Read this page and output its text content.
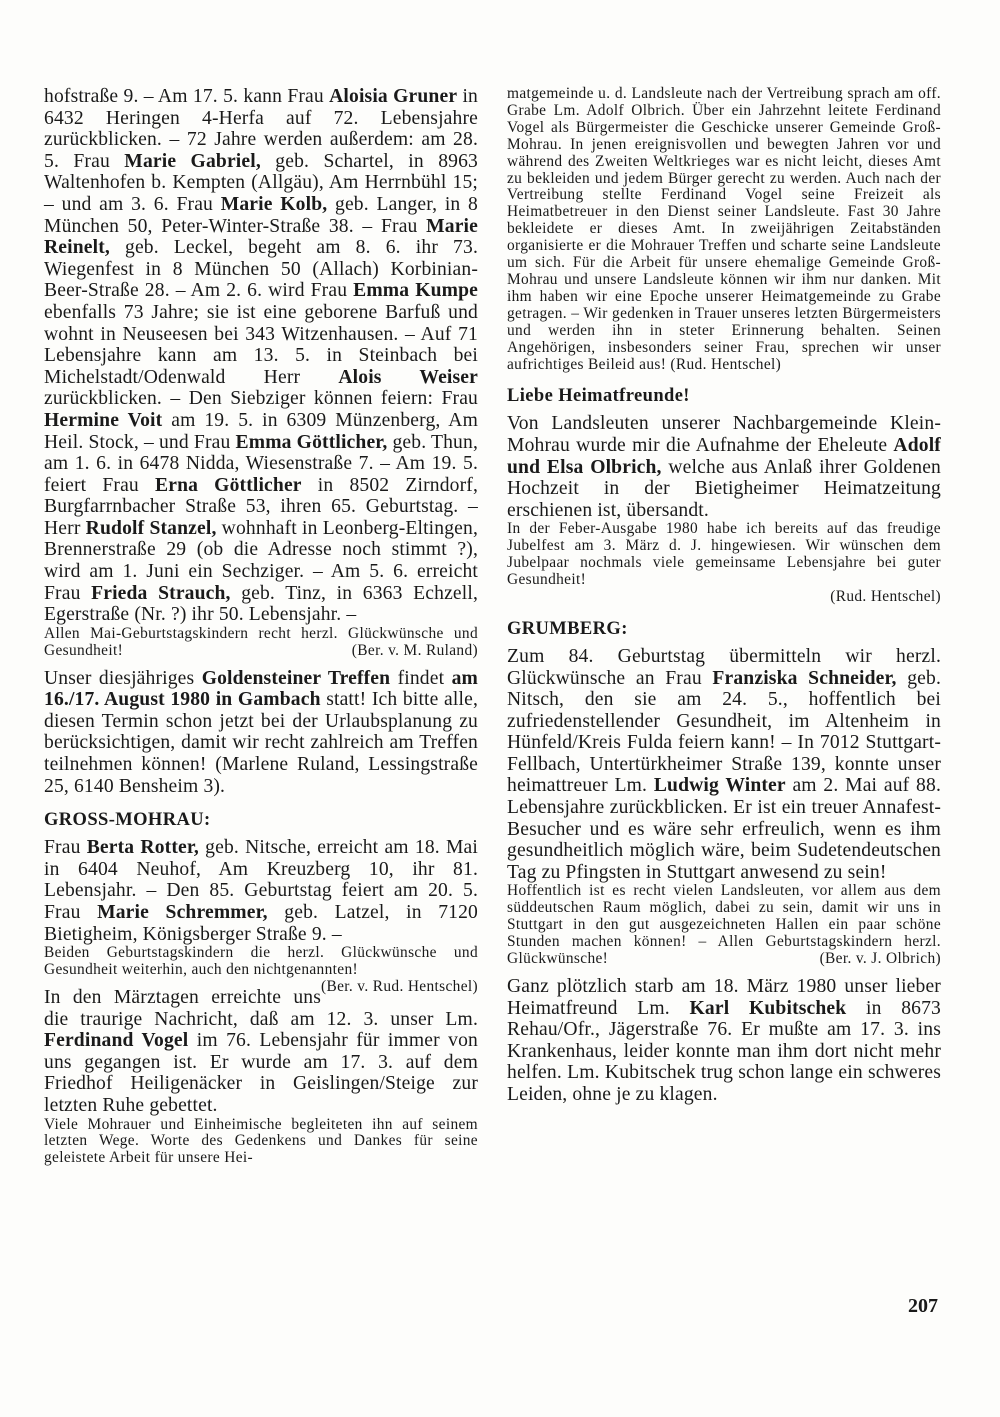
hofstraße 9. – Am 17. 5. kann Frau Aloisia Gruner in 6432 Heringen 4-Herfa auf 72. Lebensjahre zurückblicken. – 72 Jahre werden außerdem: am 28. 5. Frau Marie Gabriel, geb. Schartel, in 8963 Waltenhofen b. Kempten (Allgäu), Am Herrnbühl 15; – und am 3. 6. Frau Marie Kolb, geb. Langer, in 8 München 50, Peter-Winter-Straße 38. – Frau Marie Reinelt, geb. Leckel, begeht am 8. 6. ihr 73. Wiegenfest in 8 München 50 (Allach) Korbinian-Beer-Straße 28. – Am 2. 6. wird Frau Emma Kumpe ebenfalls 73 Jahre; sie ist eine geborene Barfuß und wohnt in Neuseesen bei 343 Witzenhausen. – Auf 71 Lebensjahre kann am 13. 5. in Steinbach bei Michelstadt/Odenwald Herr Alois Weiser zurückblicken. – Den Siebziger können feiern: Frau Hermine Voit am 19. 5. in 6309 Münzenberg, Am Heil. Stock, – und Frau Emma Göttlicher, geb. Thun, am 1. 6. in 6478 Nidda, Wiesenstraße 7. – Am 19. 5. feiert Frau Erna Göttlicher in 8502 Zirndorf, Burgfarrnbacher Straße 53, ihren 65. Geburtstag. – Herr Rudolf Stanzel, wohnhaft in Leonberg-Eltingen, Brennerstraße 29 (ob die Adresse noch stimmt ?), wird am 1. Juni ein Sechziger. – Am 5. 6. erreicht Frau Frieda Strauch, geb. Tinz, in 6363 Echzell, Egerstraße (Nr. ?) ihr 50. Lebensjahr. –

Allen Mai-Geburtstagskindern recht herzl. Glückwünsche und Gesundheit!	(Ber. v. M. Ruland)

Unser diesjähriges Goldensteiner Treffen findet am 16./17. August 1980 in Gambach statt! Ich bitte alle, diesen Termin schon jetzt bei der Urlaubsplanung zu berücksichtigen, damit wir recht zahlreich am Treffen teilnehmen können! (Marlene Ruland, Lessingstraße 25, 6140 Bensheim 3).

GROSS-MOHRAU:

Frau Berta Rotter, geb. Nitsche, erreicht am 18. Mai in 6404 Neuhof, Am Kreuzberg 10, ihr 81. Lebensjahr. – Den 85. Geburtstag feiert am 20. 5. Frau Marie Schremmer, geb. Latzel, in 7120 Bietigheim, Königsberger Straße 9. –

Beiden Geburtstagskindern die herzl. Glückwünsche und Gesundheit weiterhin, auch den nichtgenannten!
(Ber. v. Rud. Hentschel)

In den Märztagen erreichte uns die traurige Nachricht, daß am 12. 3. unser Lm. Ferdinand Vogel im 76. Lebensjahr für immer von uns gegangen ist. Er wurde am 17. 3. auf dem Friedhof Heiligenäcker in Geislingen/Steige zur letzten Ruhe gebettet.

Viele Mohrauer und Einheimische begleiteten ihn auf seinem letzten Wege. Worte des Gedenkens und Dankes für seine geleistete Arbeit für unsere Hei-

matgemeinde u. d. Landsleute nach der Vertreibung sprach am off. Grabe Lm. Adolf Olbrich. Über ein Jahrzehnt leitete Ferdinand Vogel als Bürgermeister die Geschicke unserer Gemeinde Groß-Mohrau. In jenen ereignisvollen und bewegten Jahren vor und während des Zweiten Weltkrieges war es nicht leicht, dieses Amt zu bekleiden und jedem Bürger gerecht zu werden. Auch nach der Vertreibung stellte Ferdinand Vogel seine Freizeit als Heimatbetreuer in den Dienst seiner Landsleute. Fast 30 Jahre bekleidete er dieses Amt. In zweijährigen Zeitabständen organisierte er die Mohrauer Treffen und scharte seine Landsleute um sich. Für die Arbeit für unsere ehemalige Gemeinde Groß-Mohrau und unsere Landsleute können wir ihm nur danken. Mit ihm haben wir eine Epoche unserer Heimatgemeinde zu Grabe getragen. – Wir gedenken in Trauer unseres letzten Bürgermeisters und werden ihn in steter Erinnerung behalten. Seinen Angehörigen, insbesonders seiner Frau, sprechen wir unser aufrichtiges Beileid aus! (Rud. Hentschel)

Liebe Heimatfreunde!

Von Landsleuten unserer Nachbargemeinde Klein-Mohrau wurde mir die Aufnahme der Eheleute Adolf und Elsa Olbrich, welche aus Anlaß ihrer Goldenen Hochzeit in der Bietigheimer Heimatzeitung erschienen ist, übersandt.

In der Feber-Ausgabe 1980 habe ich bereits auf das freudige Jubelfest am 3. März d. J. hingewiesen. Wir wünschen dem Jubelpaar nochmals viele gemeinsame Lebensjahre bei guter Gesundheit!

(Rud. Hentschel)

GRUMBERG:

Zum 84. Geburtstag übermitteln wir herzl. Glückwünsche an Frau Franziska Schneider, geb. Nitsch, den sie am 24. 5., hoffentlich bei zufriedenstellender Gesundheit, im Altenheim in Hünfeld/Kreis Fulda feiern kann! – In 7012 Stuttgart-Fellbach, Untertürkheimer Straße 139, konnte unser heimattreuer Lm. Ludwig Winter am 2. Mai auf 88. Lebensjahre zurückblicken. Er ist ein treuer Annafest-Besucher und es wäre sehr erfreulich, wenn es ihm gesundheitlich möglich wäre, beim Sudetendeutschen Tag zu Pfingsten in Stuttgart anwesend zu sein!

Hoffentlich ist es recht vielen Landsleuten, vor allem aus dem süddeutschen Raum möglich, dabei zu sein, damit wir uns in Stuttgart in den gut ausgezeichneten Hallen ein paar schöne Stunden machen können! – Allen Geburtstagskindern herzl. Glückwünsche!	(Ber. v. J. Olbrich)

Ganz plötzlich starb am 18. März 1980 unser lieber Heimatfreund Lm. Karl Kubitschek in 8673 Rehau/Ofr., Jägerstraße 76. Er mußte am 17. 3. ins Krankenhaus, leider konnte man ihm dort nicht mehr helfen. Lm. Kubitschek trug schon lange ein schweres Leiden, ohne je zu klagen.

207
